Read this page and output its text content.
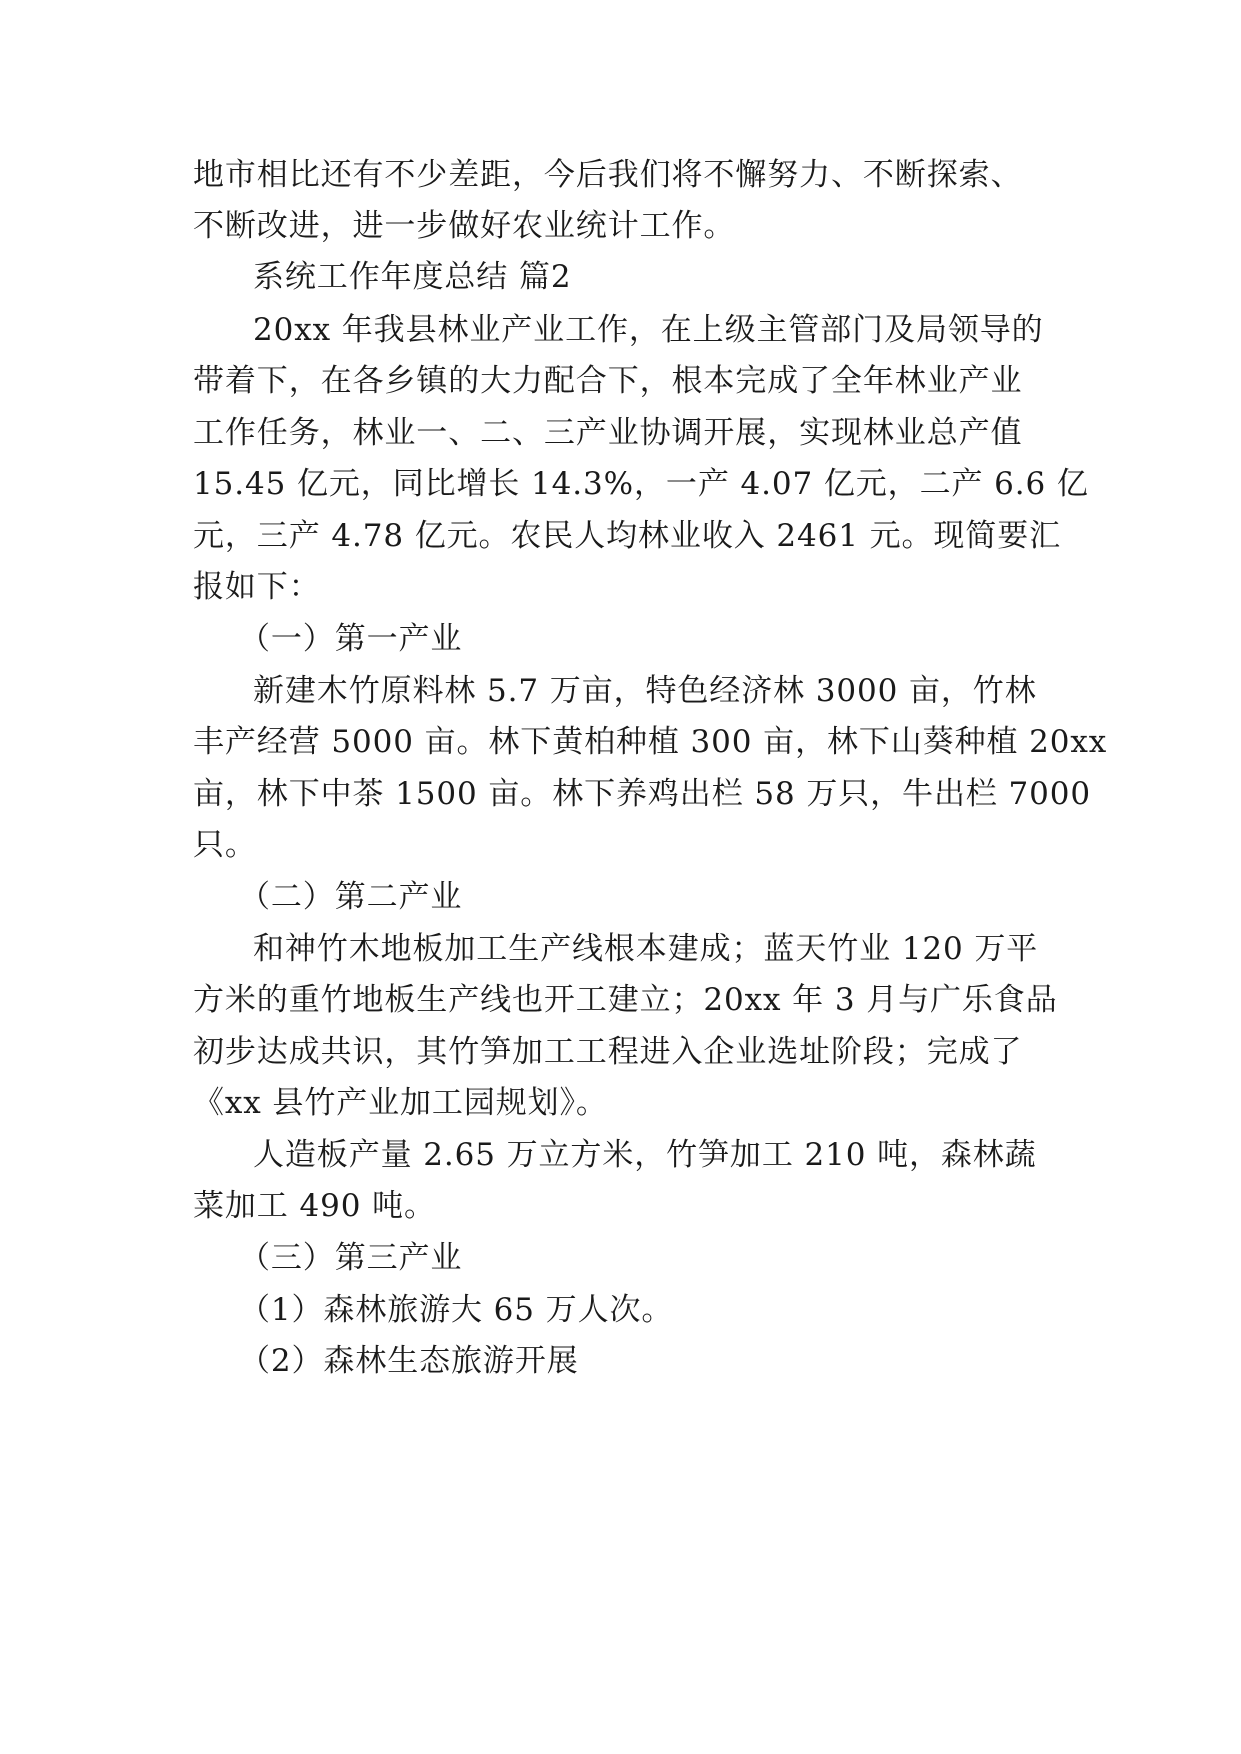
地市相比还有不少差距，今后我们将不懈努力、不断探索、
不断改进，进一步做好农业统计工作。
系统工作年度总结 篇2
20xx 年我县林业产业工作，在上级主管部门及局领导的
带着下，在各乡镇的大力配合下，根本完成了全年林业产业
工作任务，林业一、二、三产业协调开展，实现林业总产值
15.45 亿元，同比增长 14.3%，一产 4.07 亿元，二产 6.6 亿
元，三产 4.78 亿元。农民人均林业收入 2461 元。现简要汇
报如下：
（一）第一产业
新建木竹原料林 5.7 万亩，特色经济林 3000 亩，竹林
丰产经营 5000 亩。林下黄柏种植 300 亩，林下山葵种植 20xx
亩，林下中茶 1500 亩。林下养鸡出栏 58 万只，牛出栏 7000
只。
（二）第二产业
和神竹木地板加工生产线根本建成；蓝天竹业 120 万平
方米的重竹地板生产线也开工建立；20xx 年 3 月与广乐食品
初步达成共识，其竹笋加工工程进入企业选址阶段；完成了
《xx 县竹产业加工园规划》。
人造板产量 2.65 万立方米，竹笋加工 210 吨，森林蔬
菜加工 490 吨。
（三）第三产业
（1）森林旅游大 65 万人次。
（2）森林生态旅游开展
